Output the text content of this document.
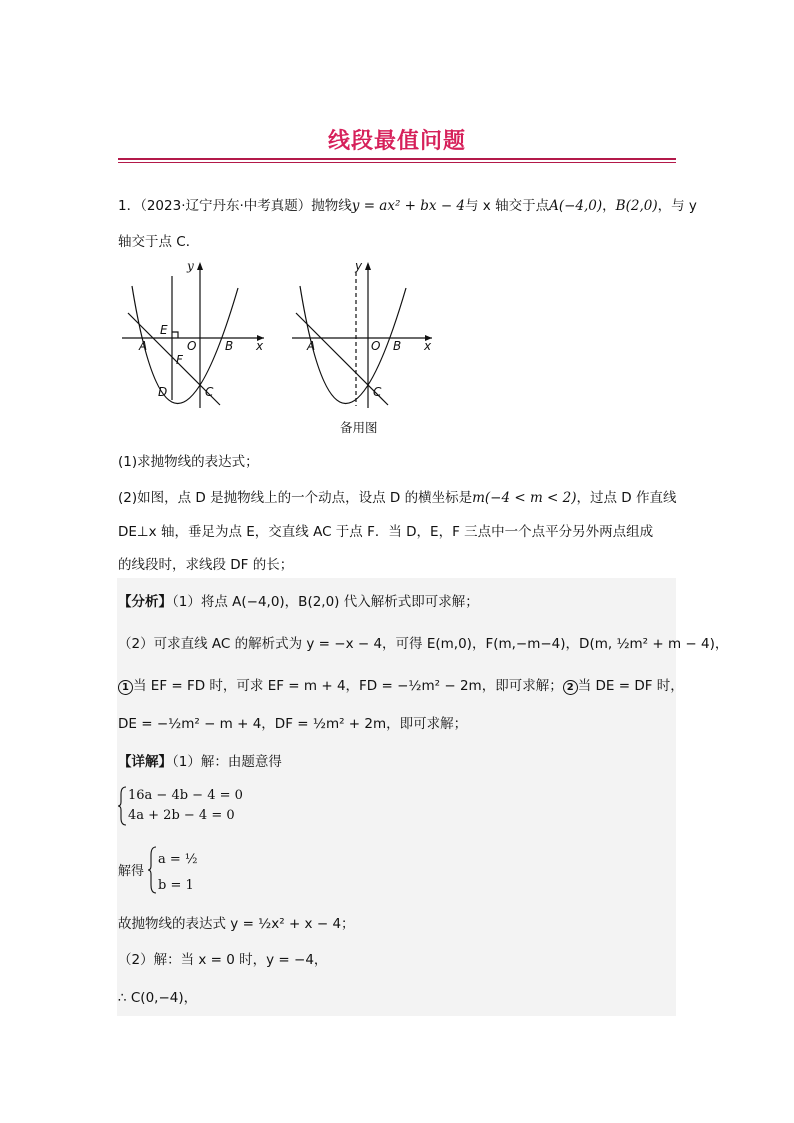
线段最值问题
1．（2023·辽宁丹东·中考真题）抛物线y = ax² + bx − 4与 x 轴交于点A(−4,0)，B(2,0)，与 y
轴交于点 C．
y
x
E
A	O B
F
D	C
y
x
A	O B
C
备用图
(1)求抛物线的表达式；
(2)如图，点 D 是抛物线上的一个动点，设点 D 的横坐标是m(−4 < m < 2)，过点 D 作直线
DE⊥x 轴，垂足为点 E，交直线 AC 于点 F．当 D，E，F 三点中一个点平分另外两点组成
的线段时，求线段 DF 的长；
【分析】（1）将点 A(−4,0)，B(2,0) 代入解析式即可求解；
（2）可求直线 AC 的解析式为 y = −x − 4，可得 E(m,0)，F(m,−m−4)，D(m, ½m² + m − 4)，
1 当 EF = FD 时，可求 EF = m + 4，FD = −½m² − 2m，即可求解； 2 当 DE = DF 时，
DE = −½m² − m + 4，DF = ½m² + 2m，即可求解；
【详解】（1）解：由题意得
16a − 4b − 4 = 0
4a + 2b − 4 = 0
解得
a = ½
b = 1
故抛物线的表达式 y = ½x² + x − 4；
（2）解：当 x = 0 时，y = −4，
∴ C(0,−4)，
